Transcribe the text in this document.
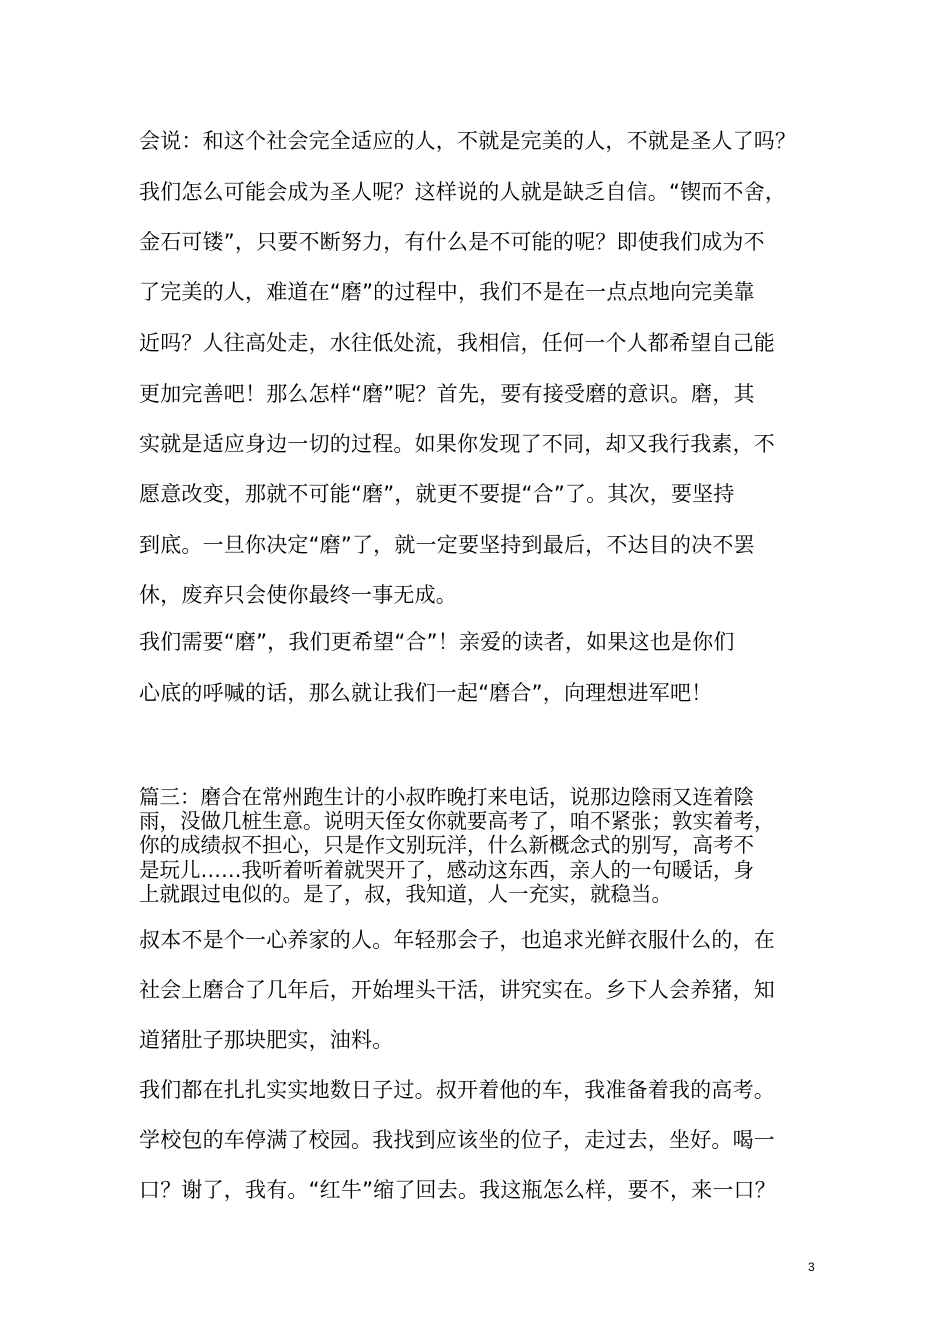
会说：和这个社会完全适应的人，不就是完美的人，不就是圣人了吗？
我们怎么可能会成为圣人呢？这样说的人就是缺乏自信。“锲而不舍，
金石可镂”，只要不断努力，有什么是不可能的呢？即使我们成为不
了完美的人，难道在“磨”的过程中，我们不是在一点点地向完美靠
近吗？人往高处走，水往低处流，我相信，任何一个人都希望自己能
更加完善吧！那么怎样“磨”呢？首先，要有接受磨的意识。磨，其
实就是适应身边一切的过程。如果你发现了不同，却又我行我素，不
愿意改变，那就不可能“磨”，就更不要提“合”了。其次，要坚持
到底。一旦你决定“磨”了，就一定要坚持到最后，不达目的决不罢
休，废弃只会使你最终一事无成。
我们需要“磨”，我们更希望“合”！亲爱的读者，如果这也是你们
心底的呼喊的话，那么就让我们一起“磨合”，向理想进军吧！
篇三：磨合在常州跑生计的小叔昨晚打来电话，说那边陰雨又连着陰
雨，没做几桩生意。说明天侄女你就要高考了，咱不紧张；敦实着考，
你的成绩叔不担心，只是作文别玩洋，什么新概念式的别写，高考不
是玩儿……我听着听着就哭开了，感动这东西，亲人的一句暖话，身
上就跟过电似的。是了，叔，我知道，人一充实，就稳当。
叔本不是个一心养家的人。年轻那会子，也追求光鲜衣服什么的，在
社会上磨合了几年后，开始埋头干活，讲究实在。乡下人会养猪，知
道猪肚子那块肥实，油料。
我们都在扎扎实实地数日子过。叔开着他的车，我准备着我的高考。
学校包的车停满了校园。我找到应该坐的位子，走过去，坐好。喝一
口？谢了，我有。“红牛”缩了回去。我这瓶怎么样，要不，来一口？
3
